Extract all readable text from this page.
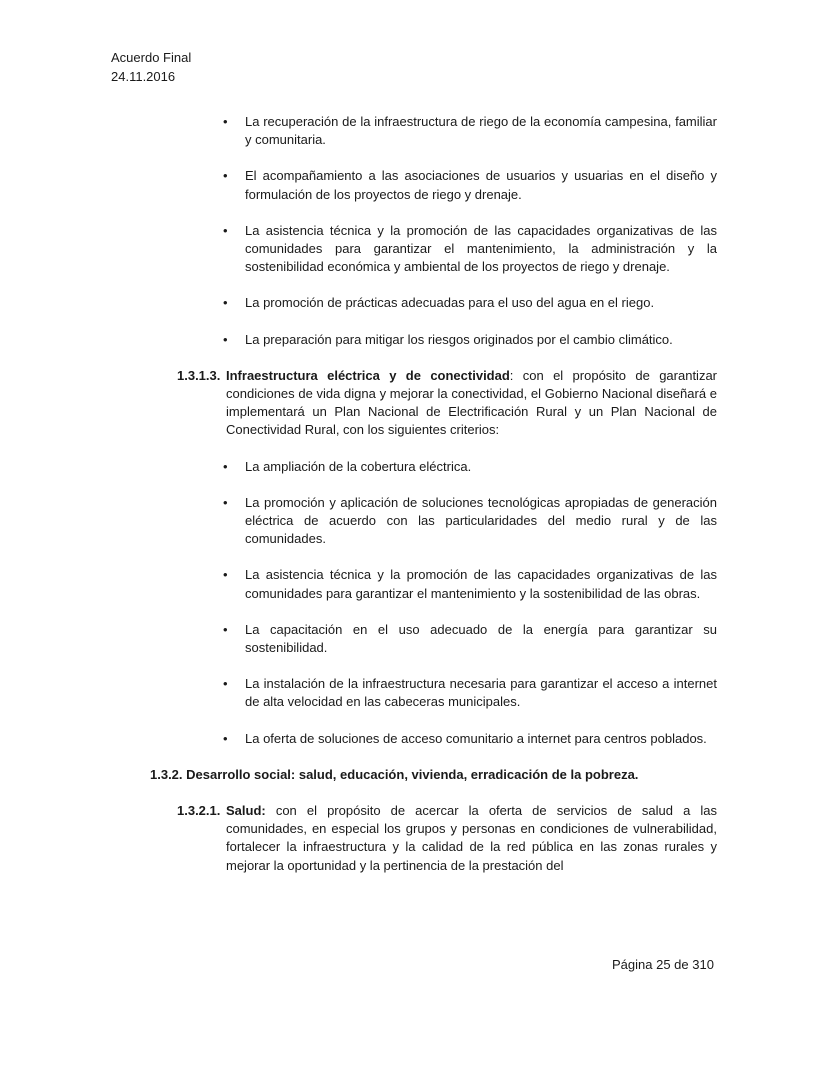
Acuerdo Final
24.11.2016
• La recuperación de la infraestructura de riego de la economía campesina, familiar y comunitaria.
• El acompañamiento a las asociaciones de usuarios y usuarias en el diseño y formulación de los proyectos de riego y drenaje.
• La asistencia técnica y la promoción de las capacidades organizativas de las comunidades para garantizar el mantenimiento, la administración y la sostenibilidad económica y ambiental de los proyectos de riego y drenaje.
• La promoción de prácticas adecuadas para el uso del agua en el riego.
• La preparación para mitigar los riesgos originados por el cambio climático.
1.3.1.3. Infraestructura eléctrica y de conectividad: con el propósito de garantizar condiciones de vida digna y mejorar la conectividad, el Gobierno Nacional diseñará e implementará un Plan Nacional de Electrificación Rural y un Plan Nacional de Conectividad Rural, con los siguientes criterios:
• La ampliación de la cobertura eléctrica.
• La promoción y aplicación de soluciones tecnológicas apropiadas de generación eléctrica de acuerdo con las particularidades del medio rural y de las comunidades.
• La asistencia técnica y la promoción de las capacidades organizativas de las comunidades para garantizar el mantenimiento y la sostenibilidad de las obras.
• La capacitación en el uso adecuado de la energía para garantizar su sostenibilidad.
• La instalación de la infraestructura necesaria para garantizar el acceso a internet de alta velocidad en las cabeceras municipales.
• La oferta de soluciones de acceso comunitario a internet para centros poblados.
1.3.2. Desarrollo social: salud, educación, vivienda, erradicación de la pobreza.
1.3.2.1. Salud: con el propósito de acercar la oferta de servicios de salud a las comunidades, en especial los grupos y personas en condiciones de vulnerabilidad, fortalecer la infraestructura y la calidad de la red pública en las zonas rurales y mejorar la oportunidad y la pertinencia de la prestación del
Página 25 de 310
